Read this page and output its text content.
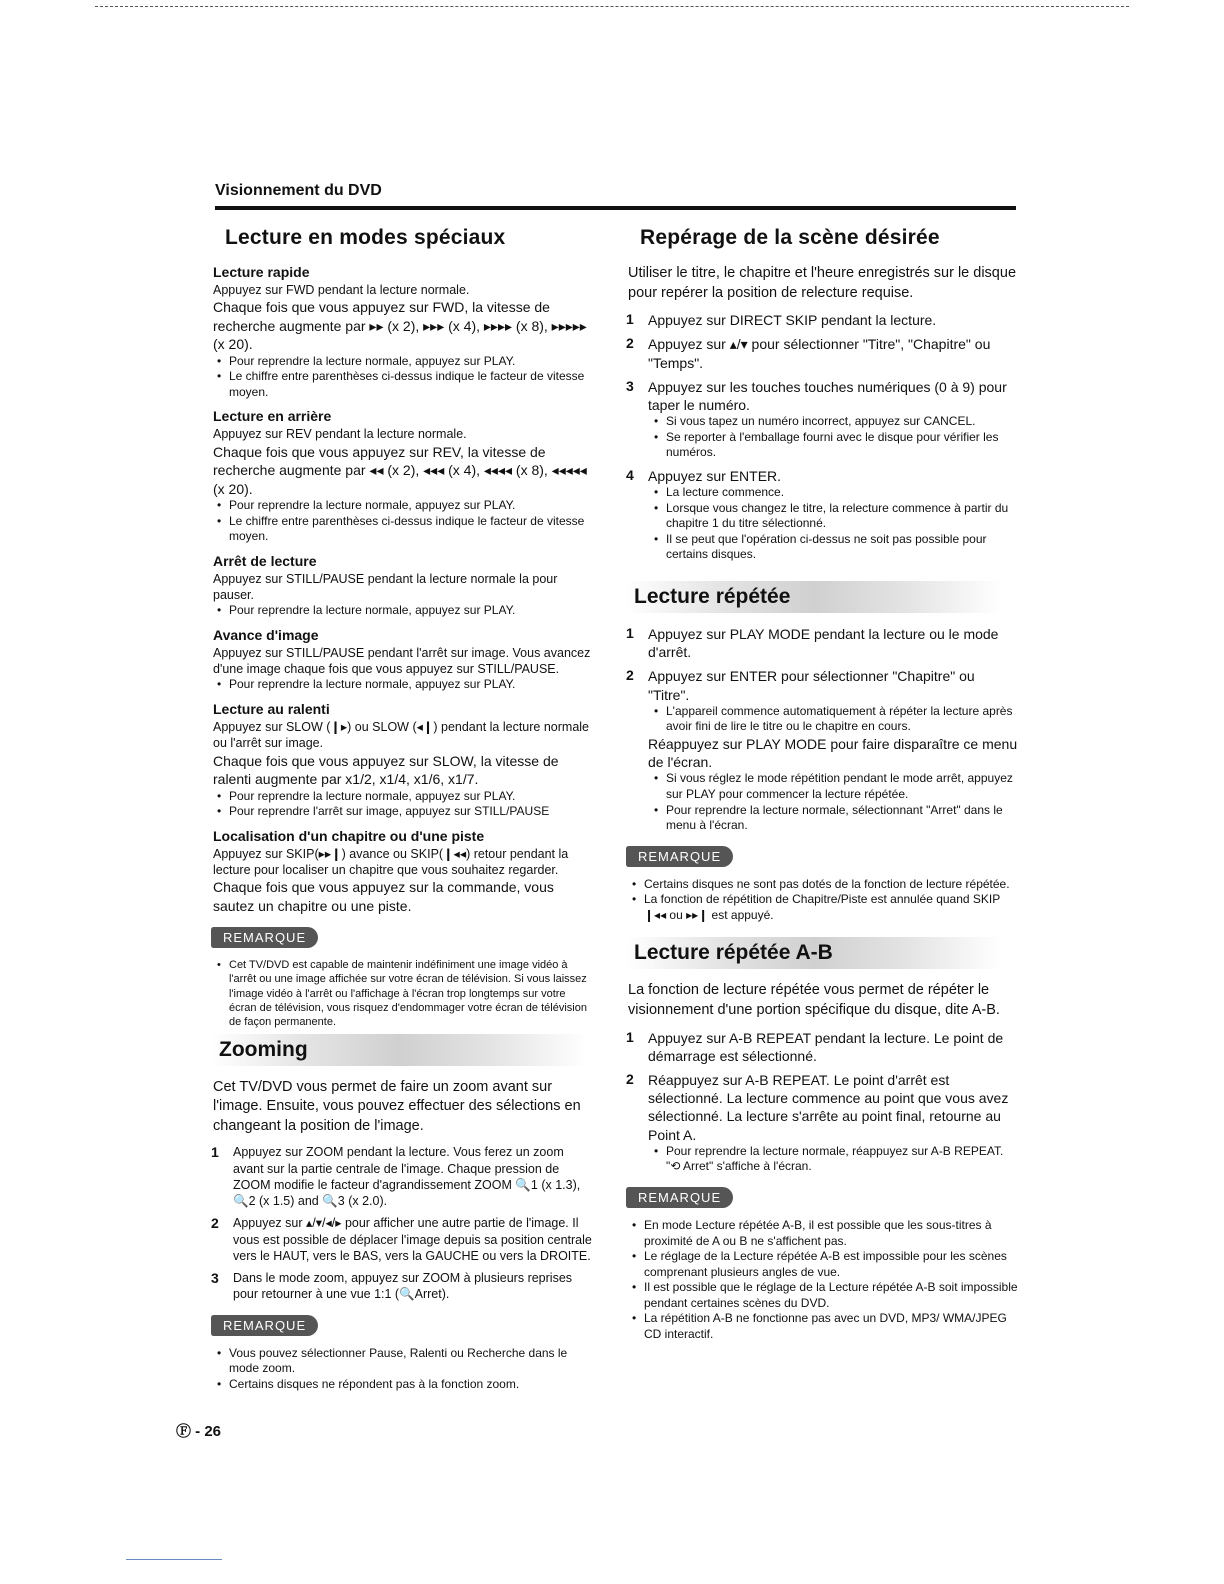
Visionnement du DVD
Lecture en modes spéciaux
Lecture rapide

Appuyez sur FWD pendant la lecture normale.

Chaque fois que vous appuyez sur FWD, la vitesse de recherche augmente par ▸▸ (x 2), ▸▸▸ (x 4), ▸▸▸▸ (x 8), ▸▸▸▸▸ (x 20).

• Pour reprendre la lecture normale, appuyez sur PLAY.
• Le chiffre entre parenthèses ci-dessus indique le facteur de vitesse moyen.
Lecture en arrière

Appuyez sur REV pendant la lecture normale.

Chaque fois que vous appuyez sur REV, la vitesse de recherche augmente par ◂◂ (x 2), ◂◂◂ (x 4), ◂◂◂◂ (x 8), ◂◂◂◂◂ (x 20).

• Pour reprendre la lecture normale, appuyez sur PLAY.
• Le chiffre entre parenthèses ci-dessus indique le facteur de vitesse moyen.
Arrêt de lecture

Appuyez sur STILL/PAUSE pendant la lecture normale la pour pauser.

• Pour reprendre la lecture normale, appuyez sur PLAY.
Avance d'image

Appuyez sur STILL/PAUSE pendant l'arrêt sur image. Vous avancez d'une image chaque fois que vous appuyez sur STILL/PAUSE.

• Pour reprendre la lecture normale, appuyez sur PLAY.
Lecture au ralenti

Appuyez sur SLOW (❙▸) ou SLOW (◂❙) pendant la lecture normale ou l'arrêt sur image.

Chaque fois que vous appuyez sur SLOW, la vitesse de ralenti augmente par x1/2, x1/4, x1/6, x1/7.

• Pour reprendre la lecture normale, appuyez sur PLAY.
• Pour reprendre l'arrêt sur image, appuyez sur STILL/PAUSE
Localisation d'un chapitre ou d'une piste

Appuyez sur SKIP(▸▸❙) avance ou SKIP(❙◂◂) retour pendant la lecture pour localiser un chapitre que vous souhaitez regarder.

Chaque fois que vous appuyez sur la commande, vous sautez un chapitre ou une piste.

REMARQUE
• Cet TV/DVD est capable de maintenir indéfiniment une image vidéo à l'arrêt ou une image affichée sur votre écran de télévision. Si vous laissez l'image vidéo à l'arrêt ou l'affichage à l'écran trop longtemps sur votre écran de télévision, vous risquez d'endommager votre écran de télévision de façon permanente.
Zooming

Cet TV/DVD vous permet de faire un zoom avant sur l'image. Ensuite, vous pouvez effectuer des sélections en changeant la position de l'image.

1	Appuyez sur ZOOM pendant la lecture. Vous ferez un zoom avant sur la partie centrale de l'image. Chaque pression de ZOOM modifie le facteur d'agrandissement ZOOM 🔍1 (x 1.3), 🔍2 (x 1.5) and 🔍3 (x 2.0).
2	Appuyez sur ▴/▾/◂/▸ pour afficher une autre partie de l'image. Il vous est possible de déplacer l'image depuis sa position centrale vers le HAUT, vers le BAS, vers la GAUCHE ou vers la DROITE.
3	Dans le mode zoom, appuyez sur ZOOM à plusieurs reprises pour retourner à une vue 1:1 (🔍Arret).
REMARQUE
• Vous pouvez sélectionner Pause, Ralenti ou Recherche dans le mode zoom.
• Certains disques ne répondent pas à la fonction zoom.
Repérage de la scène désirée

Utiliser le titre, le chapitre et l'heure enregistrés sur le disque pour repérer la position de relecture requise.

1	Appuyez sur DIRECT SKIP pendant la lecture.
2	Appuyez sur ▴/▾ pour sélectionner "Titre", "Chapitre" ou "Temps".
3	Appuyez sur les touches touches numériques (0 à 9) pour taper le numéro.
• Si vous tapez un numéro incorrect, appuyez sur CANCEL.
• Se reporter à l'emballage fourni avec le disque pour vérifier les numéros.
4	Appuyez sur ENTER.
• La lecture commence.
• Lorsque vous changez le titre, la relecture commence à partir du chapitre 1 du titre sélectionné.
• Il se peut que l'opération ci-dessus ne soit pas possible pour certains disques.
Lecture répétée
1	Appuyez sur PLAY MODE pendant la lecture ou le mode d'arrêt.
2	Appuyez sur ENTER pour sélectionner "Chapitre" ou "Titre".
• L'appareil commence automatiquement à répéter la lecture après avoir fini de lire le titre ou le chapitre en cours.
Réappuyez sur PLAY MODE pour faire disparaître ce menu de l'écran.
• Si vous réglez le mode répétition pendant le mode arrêt, appuyez sur PLAY pour commencer la lecture répétée.
• Pour reprendre la lecture normale, sélectionnant "Arret" dans le menu à l'écran.
REMARQUE
• Certains disques ne sont pas dotés de la fonction de lecture répétée.
• La fonction de répétition de Chapitre/Piste est annulée quand SKIP ❙◂◂ ou ▸▸❙ est appuyé.
Lecture répétée A-B

La fonction de lecture répétée vous permet de répéter le visionnement d'une portion spécifique du disque, dite A-B.

1	Appuyez sur A-B REPEAT pendant la lecture. Le point de démarrage est sélectionné.
2	Réappuyez sur A-B REPEAT. Le point d'arrêt est sélectionné. La lecture commence au point que vous avez sélectionné. La lecture s'arrête au point final, retourne au Point A.
• Pour reprendre la lecture normale, réappuyez sur A-B REPEAT.
"⟲ Arret" s'affiche à l'écran.
REMARQUE
• En mode Lecture répétée A-B, il est possible que les sous-titres à proximité de A ou B ne s'affichent pas.
• Le réglage de la Lecture répétée A-B est impossible pour les scènes comprenant plusieurs angles de vue.
• Il est possible que le réglage de la Lecture répétée A-B soit impossible pendant certaines scènes du DVD.
• La répétition A-B ne fonctionne pas avec un DVD, MP3/ WMA/JPEG CD interactif.
Ⓕ - 26
